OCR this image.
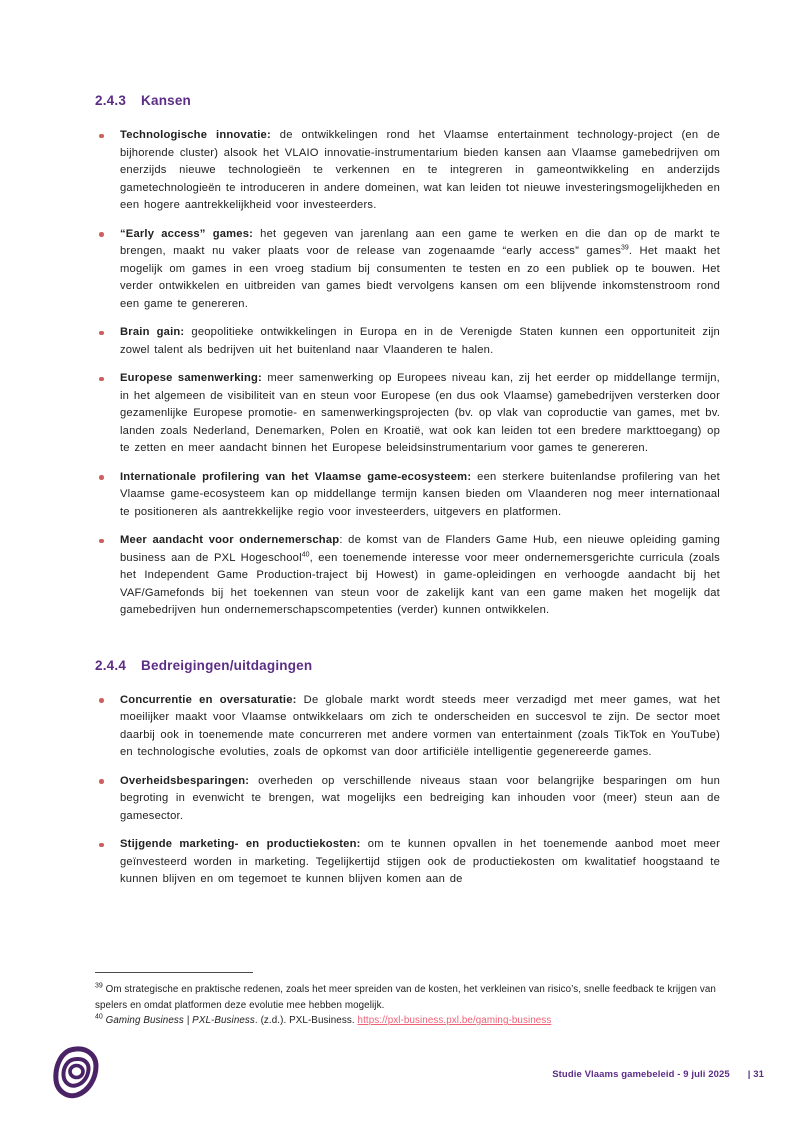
2.4.3 Kansen
Technologische innovatie: de ontwikkelingen rond het Vlaamse entertainment technology-project (en de bijhorende cluster) alsook het VLAIO innovatie-instrumentarium bieden kansen aan Vlaamse gamebedrijven om enerzijds nieuwe technologieën te verkennen en te integreren in gameontwikkeling en anderzijds gametechnologieën te introduceren in andere domeinen, wat kan leiden tot nieuwe investeringsmogelijkheden en een hogere aantrekkelijkheid voor investeerders.
“Early access” games: het gegeven van jarenlang aan een game te werken en die dan op de markt te brengen, maakt nu vaker plaats voor de release van zogenaamde “early access” games$^{39}$. Het maakt het mogelijk om games in een vroeg stadium bij consumenten te testen en zo een publiek op te bouwen. Het verder ontwikkelen en uitbreiden van games biedt vervolgens kansen om een blijvende inkomstenstroom rond een game te genereren.
Brain gain: geopolitieke ontwikkelingen in Europa en in de Verenigde Staten kunnen een opportuniteit zijn zowel talent als bedrijven uit het buitenland naar Vlaanderen te halen.
Europese samenwerking: meer samenwerking op Europees niveau kan, zij het eerder op middellange termijn, in het algemeen de visibiliteit van en steun voor Europese (en dus ook Vlaamse) gamebedrijven versterken door gezamenlijke Europese promotie- en samenwerkingsprojecten (bv. op vlak van coproductie van games, met bv. landen zoals Nederland, Denemarken, Polen en Kroatië, wat ook kan leiden tot een bredere markttoegang) op te zetten en meer aandacht binnen het Europese beleidsinstrumentarium voor games te genereren.
Internationale profilering van het Vlaamse game-ecosysteem: een sterkere buitenlandse profilering van het Vlaamse game-ecosysteem kan op middellange termijn kansen bieden om Vlaanderen nog meer internationaal te positioneren als aantrekkelijke regio voor investeerders, uitgevers en platformen.
Meer aandacht voor ondernemerschap: de komst van de Flanders Game Hub, een nieuwe opleiding gaming business aan de PXL Hogeschool$^{40}$, een toenemende interesse voor meer ondernemersgerichte curricula (zoals het Independent Game Production-traject bij Howest) in game-opleidingen en verhoogde aandacht bij het VAF/Gamefonds bij het toekennen van steun voor de zakelijk kant van een game maken het mogelijk dat gamebedrijven hun ondernemerschapscompetenties (verder) kunnen ontwikkelen.
2.4.4 Bedreigingen/uitdagingen
Concurrentie en oversaturatie: De globale markt wordt steeds meer verzadigd met meer games, wat het moeilijker maakt voor Vlaamse ontwikkelaars om zich te onderscheiden en succesvol te zijn. De sector moet daarbij ook in toenemende mate concurreren met andere vormen van entertainment (zoals TikTok en YouTube) en technologische evoluties, zoals de opkomst van door artificiële intelligentie gegenereerde games.
Overheidsbesparingen: overheden op verschillende niveaus staan voor belangrijke besparingen om hun begroting in evenwicht te brengen, wat mogelijks een bedreiging kan inhouden voor (meer) steun aan de gamesector.
Stijgende marketing- en productiekosten: om te kunnen opvallen in het toenemende aanbod moet meer geïnvesteerd worden in marketing. Tegelijkertijd stijgen ook de productiekosten om kwalitatief hoogstaand te kunnen blijven en om tegemoet te kunnen blijven komen aan de

$^{39}$ Om strategische en praktische redenen, zoals het meer spreiden van de kosten, het verkleinen van risico’s, snelle feedback te krijgen van spelers en omdat platformen deze evolutie mee hebben mogelijk.

$^{40}$ Gaming Business | PXL-Business. (z.d.). PXL-Business. https://pxl-business.pxl.be/gaming-business

Studie Vlaams gamebeleid - 9 juli 2025 | 31
